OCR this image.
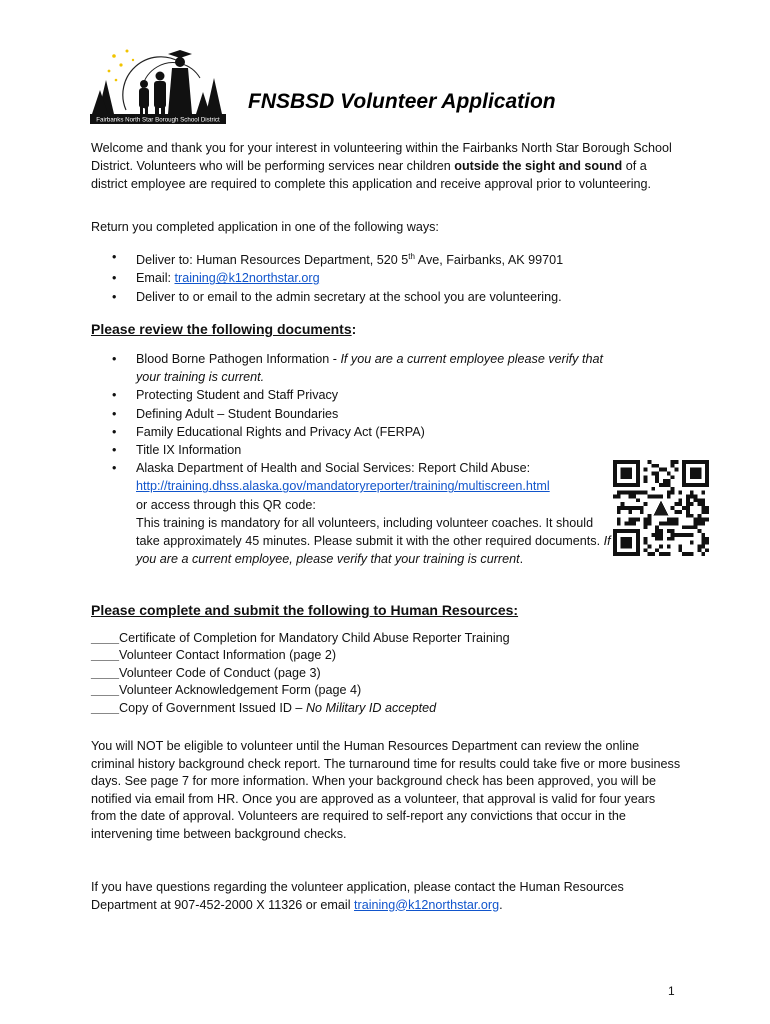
Fairbanks North Star Borough School District
FNSBSD Volunteer Application

Welcome and thank you for your interest in volunteering within the Fairbanks North Star Borough School District. Volunteers who will be performing services near children outside the sight and sound of a district employee are required to complete this application and receive approval prior to volunteering.

Return you completed application in one of the following ways:

• Deliver to: Human Resources Department, 520 5th Ave, Fairbanks, AK 99701
• Email: training@k12northstar.org
• Deliver to or email to the admin secretary at the school you are volunteering.
Please review the following documents:
• Blood Borne Pathogen Information - If you are a current employee please verify that your training is current.
• Protecting Student and Staff Privacy
• Defining Adult – Student Boundaries
• Family Educational Rights and Privacy Act (FERPA)
• Title IX Information
• Alaska Department of Health and Social Services: Report Child Abuse:
http://training.dhss.alaska.gov/mandatoryreporter/training/multiscreen.html
or access through this QR code:
This training is mandatory for all volunteers, including volunteer coaches. It should take approximately 45 minutes. Please submit it with the other required documents. If you are a current employee, please verify that your training is current.
Please complete and submit the following to Human Resources:
____Certificate of Completion for Mandatory Child Abuse Reporter Training
____Volunteer Contact Information (page 2)
____Volunteer Code of Conduct (page 3)
____Volunteer Acknowledgement Form (page 4)
____Copy of Government Issued ID – No Military ID accepted

You will NOT be eligible to volunteer until the Human Resources Department can review the online criminal history background check report. The turnaround time for results could take five or more business days. See page 7 for more information. When your background check has been approved, you will be notified via email from HR. Once you are approved as a volunteer, that approval is valid for four years from the date of approval. Volunteers are required to self-report any convictions that occur in the intervening time between background checks.

If you have questions regarding the volunteer application, please contact the Human Resources Department at 907-452-2000 X 11326 or email training@k12northstar.org.

1
